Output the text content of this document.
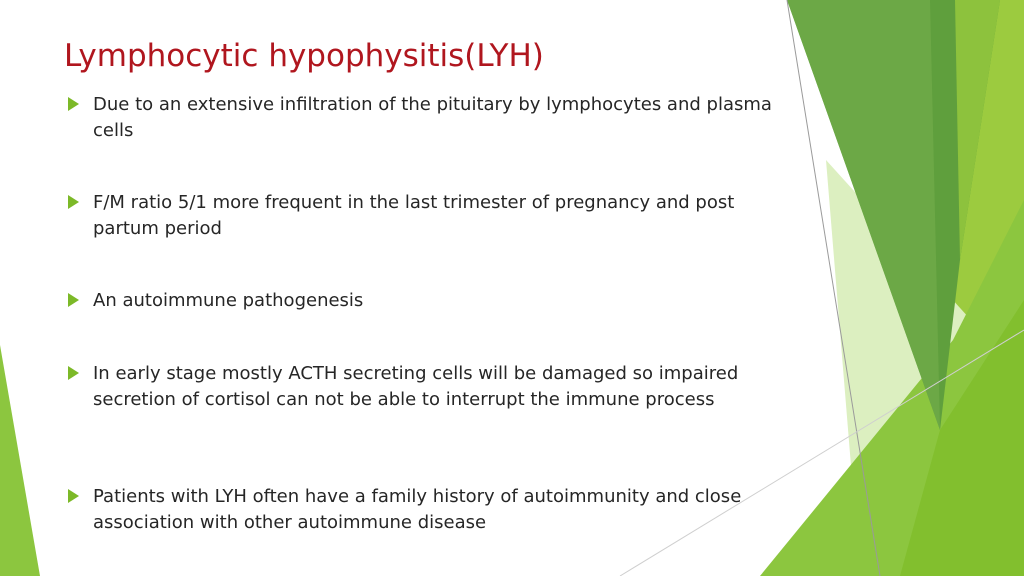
Lymphocytic hypophysitis(LYH)
Due to an extensive infiltration of the pituitary by lymphocytes and plasma cells
F/M ratio 5/1 more frequent in the last trimester of pregnancy and post partum period
An autoimmune pathogenesis
In early stage mostly ACTH secreting cells will be damaged so impaired secretion of cortisol can not be able to interrupt the immune process
Patients with LYH often have a family history of autoimmunity and close association with other autoimmune disease
